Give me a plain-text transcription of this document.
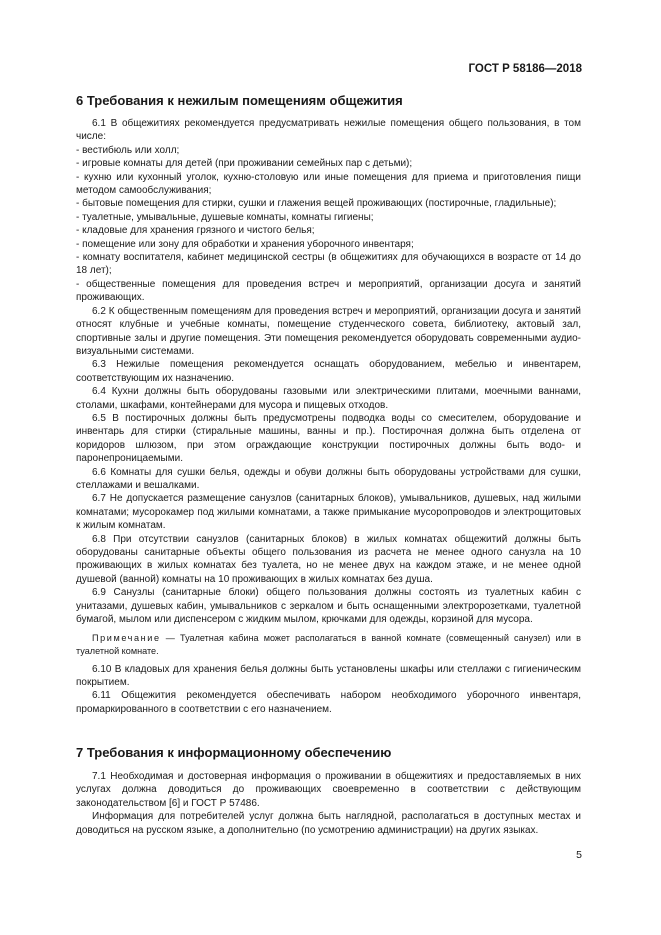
ГОСТ Р 58186—2018
6 Требования к нежилым помещениям общежития

6.1 В общежитиях рекомендуется предусматривать нежилые помещения общего пользования, в том числе:

- вестибюль или холл;

- игровые комнаты для детей (при проживании семейных пар с детьми);

- кухню или кухонный уголок, кухню-столовую или иные помещения для приема и приготовления пищи методом самообслуживания;

- бытовые помещения для стирки, сушки и глажения вещей проживающих (постирочные, гладильные);

- туалетные, умывальные, душевые комнаты, комнаты гигиены;

- кладовые для хранения грязного и чистого белья;

- помещение или зону для обработки и хранения уборочного инвентаря;

- комнату воспитателя, кабинет медицинской сестры (в общежитиях для обучающихся в возрасте от 14 до 18 лет);

- общественные помещения для проведения встреч и мероприятий, организации досуга и занятий проживающих.

6.2 К общественным помещениям для проведения встреч и мероприятий, организации досуга и занятий относят клубные и учебные комнаты, помещение студенческого совета, библиотеку, актовый зал, спортивные залы и другие помещения. Эти помещения рекомендуется оборудовать современными аудио-визуальными системами.

6.3 Нежилые помещения рекомендуется оснащать оборудованием, мебелью и инвентарем, соответствующим их назначению.

6.4 Кухни должны быть оборудованы газовыми или электрическими плитами, моечными ваннами, столами, шкафами, контейнерами для мусора и пищевых отходов.

6.5 В постирочных должны быть предусмотрены подводка воды со смесителем, оборудование и инвентарь для стирки (стиральные машины, ванны и пр.). Постирочная должна быть отделена от коридоров шлюзом, при этом ограждающие конструкции постирочных должны быть водо- и паронепроницаемыми.

6.6 Комнаты для сушки белья, одежды и обуви должны быть оборудованы устройствами для сушки, стеллажами и вешалками.

6.7 Не допускается размещение санузлов (санитарных блоков), умывальников, душевых, над жилыми комнатами; мусорокамер под жилыми комнатами, а также примыкание мусоропроводов и электрощитовых к жилым комнатам.

6.8 При отсутствии санузлов (санитарных блоков) в жилых комнатах общежитий должны быть оборудованы санитарные объекты общего пользования из расчета не менее одного санузла на 10 проживающих в жилых комнатах без туалета, но не менее двух на каждом этаже, и не менее одной душевой (ванной) комнаты на 10 проживающих в жилых комнатах без душа.

6.9 Санузлы (санитарные блоки) общего пользования должны состоять из туалетных кабин с унитазами, душевых кабин, умывальников с зеркалом и быть оснащенными электророзетками, туалетной бумагой, мылом или диспенсером с жидким мылом, крючками для одежды, корзиной для мусора.

Примечание — Туалетная кабина может располагаться в ванной комнате (совмещенный санузел) или в туалетной комнате.

6.10 В кладовых для хранения белья должны быть установлены шкафы или стеллажи с гигиеническим покрытием.

6.11 Общежития рекомендуется обеспечивать набором необходимого уборочного инвентаря, промаркированного в соответствии с его назначением.

7 Требования к информационному обеспечению

7.1 Необходимая и достоверная информация о проживании в общежитиях и предоставляемых в них услугах должна доводиться до проживающих своевременно в соответствии с действующим законодательством [6] и ГОСТ Р 57486.

Информация для потребителей услуг должна быть наглядной, располагаться в доступных местах и доводиться на русском языке, а дополнительно (по усмотрению администрации) на других языках.

5
